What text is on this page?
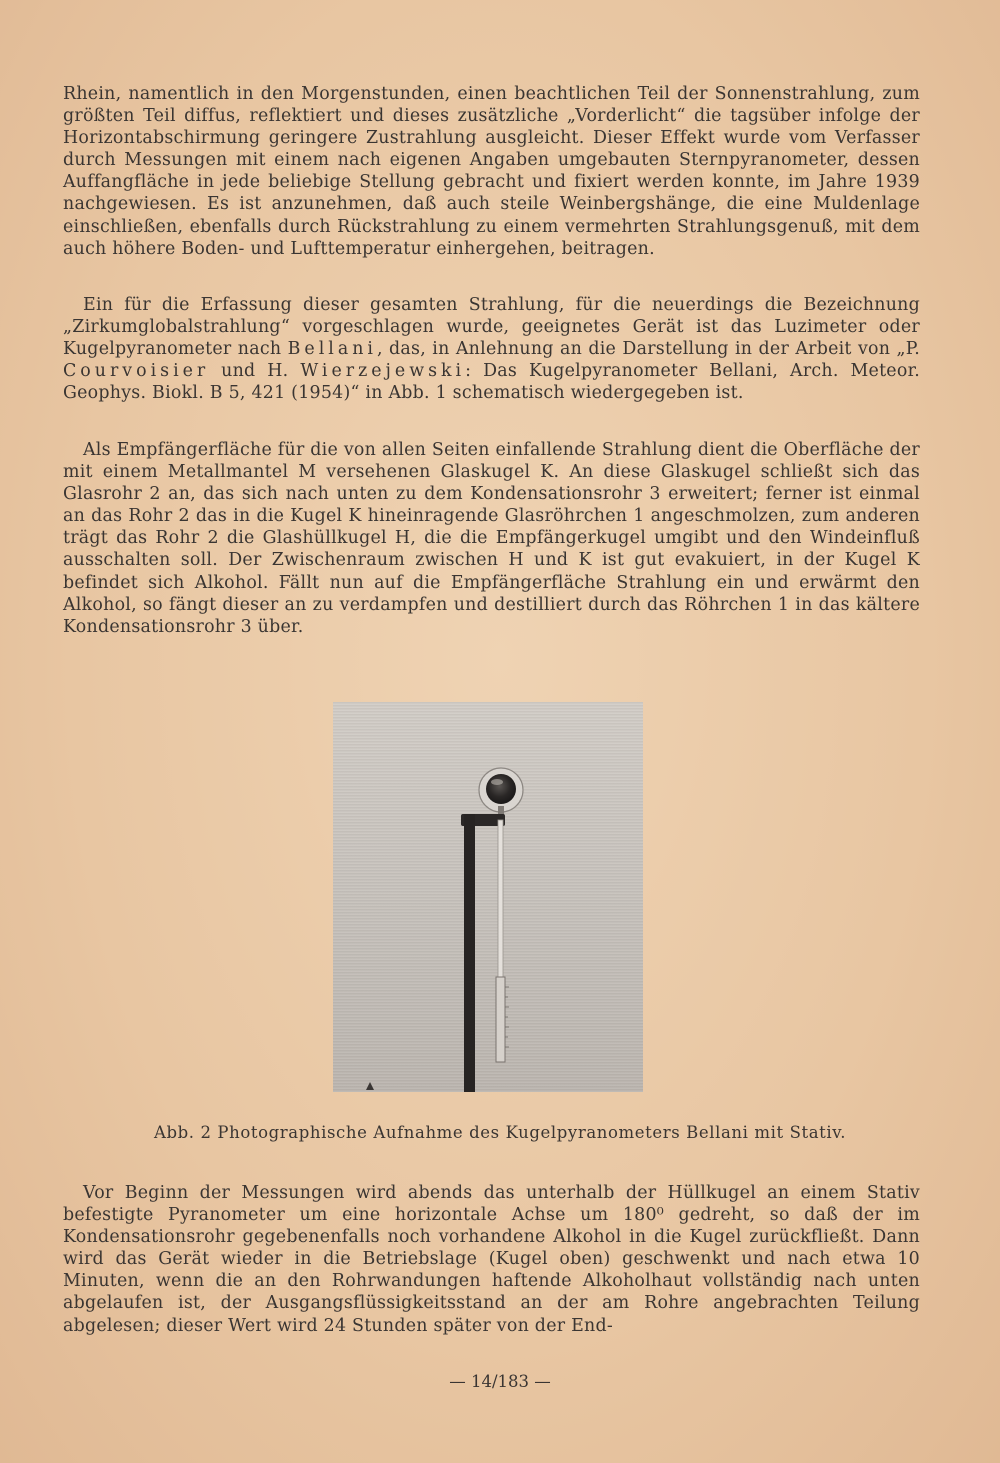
Rhein, namentlich in den Morgenstunden, einen beachtlichen Teil der Sonnenstrahlung, zum größten Teil diffus, reflektiert und dieses zusätzliche „Vorderlicht“ die tagsüber infolge der Horizontabschirmung geringere Zustrahlung ausgleicht. Dieser Effekt wurde vom Verfasser durch Messungen mit einem nach eigenen Angaben umgebauten Sternpyranometer, dessen Auffangfläche in jede beliebige Stellung gebracht und fixiert werden konnte, im Jahre 1939 nachgewiesen. Es ist anzunehmen, daß auch steile Weinbergshänge, die eine Muldenlage einschließen, ebenfalls durch Rückstrahlung zu einem vermehrten Strahlungsgenuß, mit dem auch höhere Boden- und Lufttemperatur einhergehen, beitragen.

Ein für die Erfassung dieser gesamten Strahlung, für die neuerdings die Bezeichnung „Zirkumglobalstrahlung“ vorgeschlagen wurde, geeignetes Gerät ist das Luzimeter oder Kugelpyranometer nach Bellani, das, in Anlehnung an die Darstellung in der Arbeit von „P. Courvoisier und H. Wierzejewski: Das Kugelpyranometer Bellani, Arch. Meteor. Geophys. Biokl. B 5, 421 (1954)“ in Abb. 1 schematisch wiedergegeben ist.

Als Empfängerfläche für die von allen Seiten einfallende Strahlung dient die Oberfläche der mit einem Metallmantel M versehenen Glaskugel K. An diese Glaskugel schließt sich das Glasrohr 2 an, das sich nach unten zu dem Kondensationsrohr 3 erweitert; ferner ist einmal an das Rohr 2 das in die Kugel K hineinragende Glasröhrchen 1 angeschmolzen, zum anderen trägt das Rohr 2 die Glashüllkugel H, die die Empfängerkugel umgibt und den Windeinfluß ausschalten soll. Der Zwischenraum zwischen H und K ist gut evakuiert, in der Kugel K befindet sich Alkohol. Fällt nun auf die Empfängerfläche Strahlung ein und erwärmt den Alkohol, so fängt dieser an zu verdampfen und destilliert durch das Röhrchen 1 in das kältere Kondensationsrohr 3 über.

Abb. 2 Photographische Aufnahme des Kugelpyranometers Bellani mit Stativ.

Vor Beginn der Messungen wird abends das unterhalb der Hüllkugel an einem Stativ befestigte Pyranometer um eine horizontale Achse um 180⁰ gedreht, so daß der im Kondensationsrohr gegebenenfalls noch vorhandene Alkohol in die Kugel zurückfließt. Dann wird das Gerät wieder in die Betriebslage (Kugel oben) geschwenkt und nach etwa 10 Minuten, wenn die an den Rohrwandungen haftende Alkoholhaut vollständig nach unten abgelaufen ist, der Ausgangsflüssigkeitsstand an der am Rohre angebrachten Teilung abgelesen; dieser Wert wird 24 Stunden später von der End-

— 14/183 —
